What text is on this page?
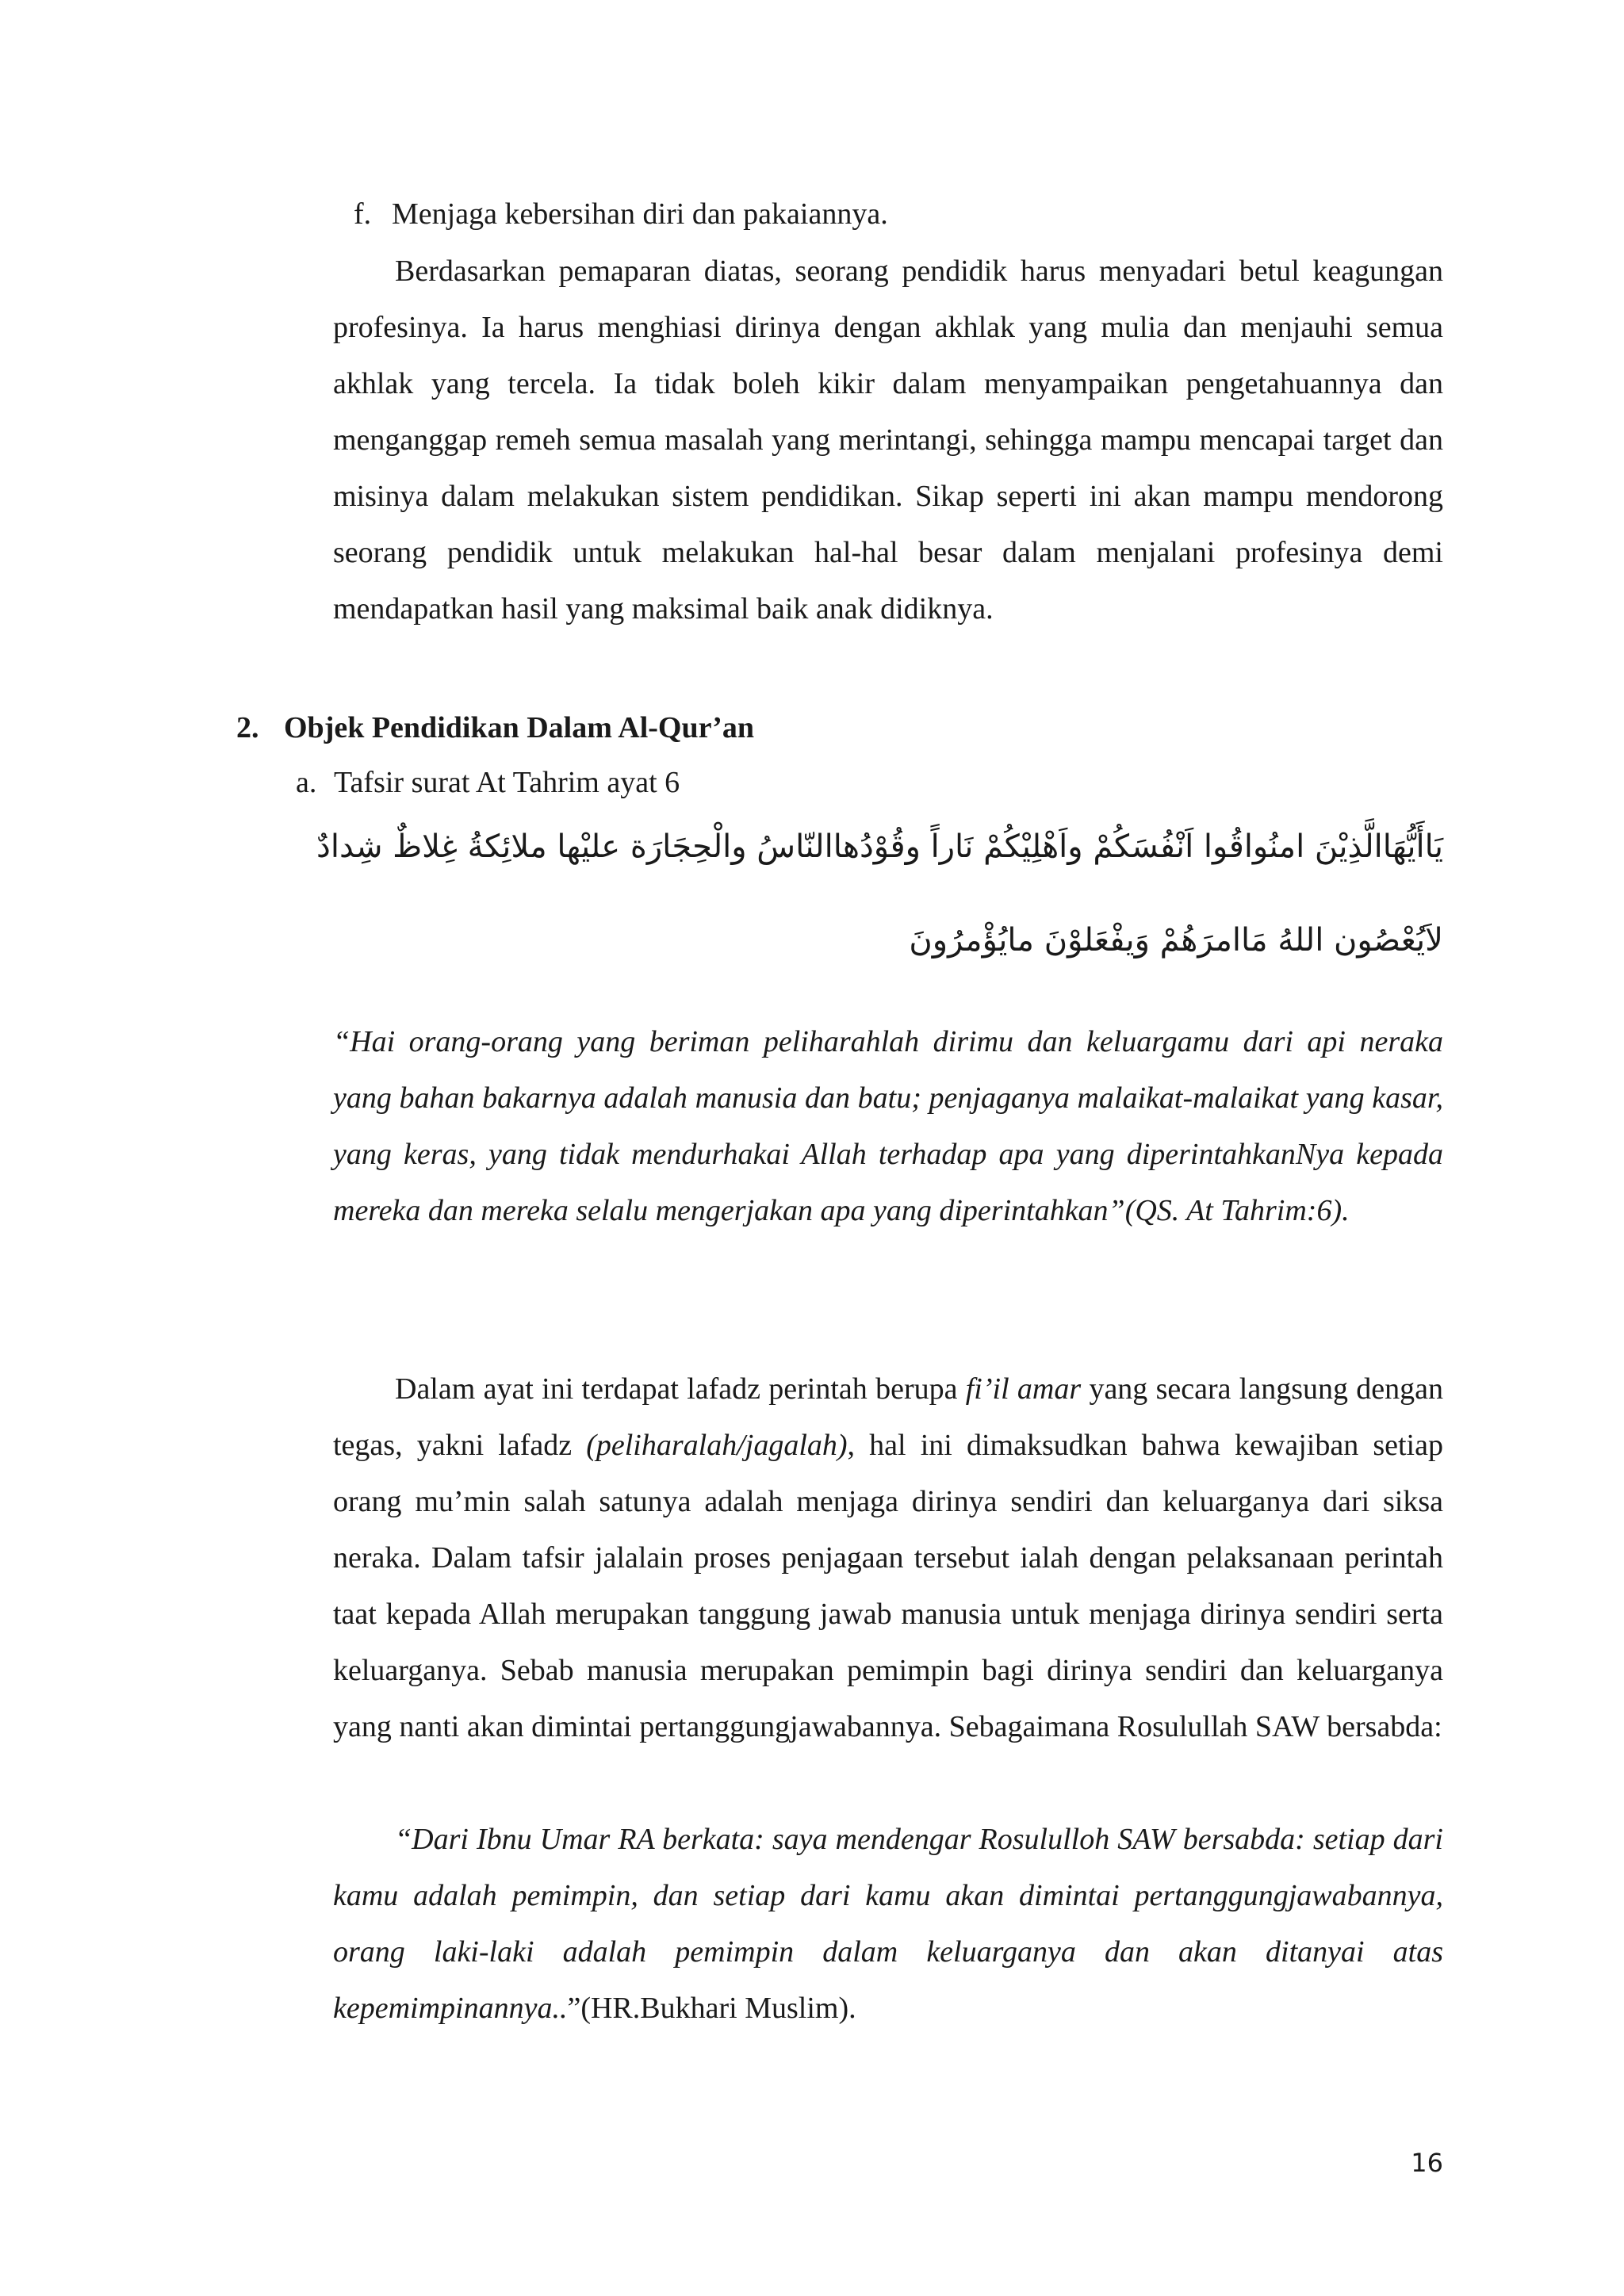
f. Menjaga kebersihan diri dan pakaiannya.

Berdasarkan pemaparan diatas, seorang pendidik harus menyadari betul keagungan profesinya. Ia harus menghiasi dirinya dengan akhlak yang mulia dan menjauhi semua akhlak yang tercela. Ia tidak boleh kikir dalam menyampaikan pengetahuannya dan menganggap remeh semua masalah yang merintangi, sehingga mampu mencapai target dan misinya dalam melakukan sistem pendidikan. Sikap seperti ini akan mampu mendorong seorang pendidik untuk melakukan hal-hal besar dalam menjalani profesinya demi mendapatkan hasil yang maksimal baik anak didiknya.

2. Objek Pendidikan Dalam Al-Qur’an
a. Tafsir surat At Tahrim ayat 6
يَاأَيُّهَاالَّذِيْنَ امنُواقُوا اَنْفُسَكُمْ واَهْلِيْكُمْ نَاراً وقُوْدُهاالنّاسُ والْحِجَارَة عليْها ملائِكةُ غِلاظٌ شِدادٌ
لاَيُعْصُون اللهُ مَاامرَهُمْ وَيفْعَلوْنَ مايُؤْمرُونَ

“Hai orang-orang yang beriman peliharahlah dirimu dan keluargamu dari api neraka yang bahan bakarnya adalah manusia dan batu; penjaganya malaikat-malaikat yang kasar, yang keras, yang tidak mendurhakai Allah terhadap apa yang diperintahkanNya kepada mereka dan mereka selalu mengerjakan apa yang diperintahkan”(QS. At Tahrim:6).

Dalam ayat ini terdapat lafadz perintah berupa fi’il amar yang secara langsung dengan tegas, yakni lafadz (peliharalah/jagalah), hal ini dimaksudkan bahwa kewajiban setiap orang mu’min salah satunya adalah menjaga dirinya sendiri dan keluarganya dari siksa neraka. Dalam tafsir jalalain proses penjagaan tersebut ialah dengan pelaksanaan perintah taat kepada Allah merupakan tanggung jawab manusia untuk menjaga dirinya sendiri serta keluarganya. Sebab manusia merupakan pemimpin bagi dirinya sendiri dan keluarganya yang nanti akan dimintai pertanggungjawabannya. Sebagaimana Rosulullah SAW bersabda:

“Dari Ibnu Umar RA berkata: saya mendengar Rosululloh SAW bersabda: setiap dari kamu adalah pemimpin, dan setiap dari kamu akan dimintai pertanggungjawabannya, orang laki-laki adalah pemimpin dalam keluarganya dan akan ditanyai atas kepemimpinannya..”(HR.Bukhari Muslim).

16
